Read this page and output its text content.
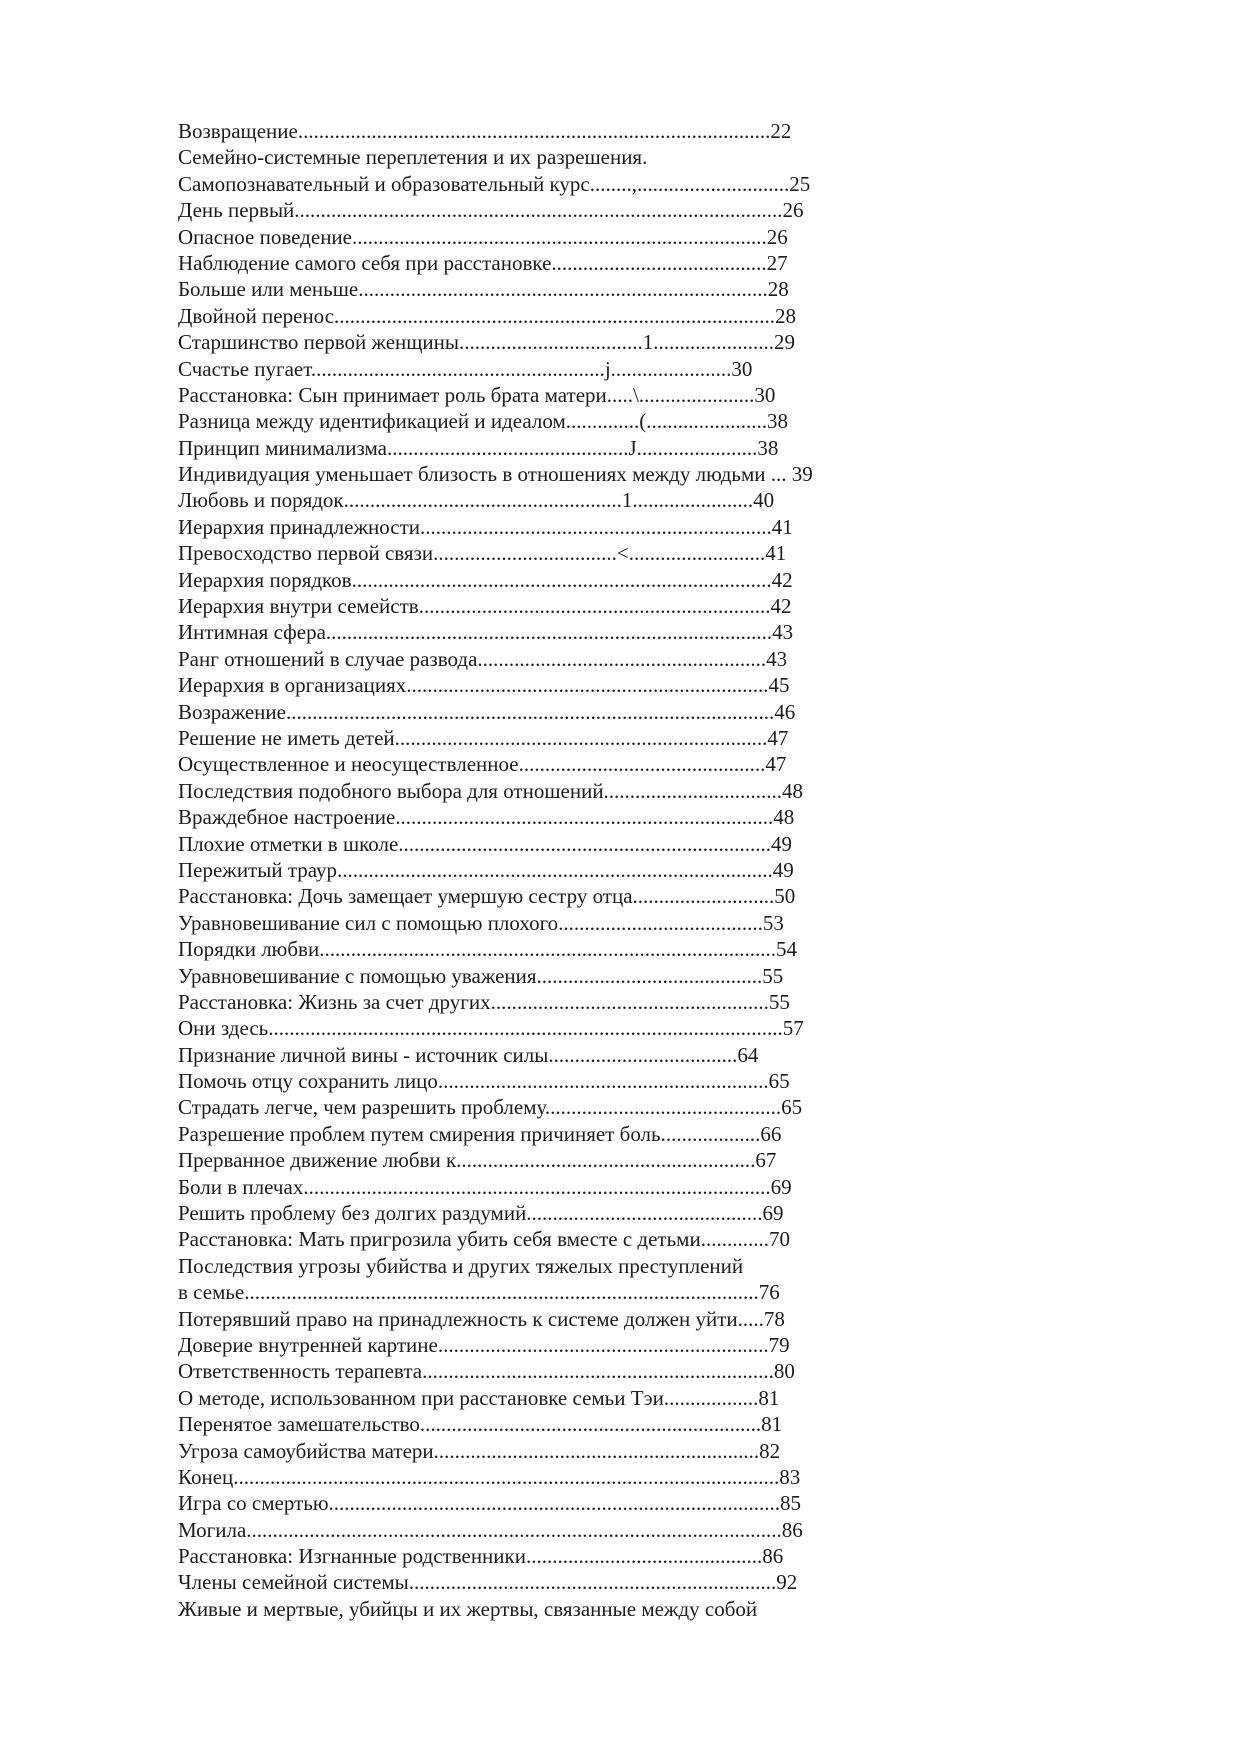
Возвращение..........................................................................................22
Семейно-системные переплетения и их разрешения.
Самопознавательный и образовательный курс........,.............................25
День первый.............................................................................................26
Опасное поведение...............................................................................26
Наблюдение самого себя при расстановке.........................................27
Больше или меньше..............................................................................28
Двойной перенос....................................................................................28
Старшинство первой женщины...................................1.......................29
Счастье пугает........................................................j.......................30
Расстановка: Сын принимает роль брата матери.....\......................30
Разница между идентификацией и идеалом..............(.......................38
Принцип минимализма..............................................J.......................38
Индивидуация уменьшает близость в отношениях между людьми ... 39
Любовь и порядок.....................................................1.......................40
Иерархия принадлежности...................................................................41
Превосходство первой связи...................................<..........................41
Иерархия порядков................................................................................42
Иерархия внутри семейств...................................................................42
Интимная сфера.....................................................................................43
Ранг отношений в случае развода.......................................................43
Иерархия в организациях.....................................................................45
Возражение.............................................................................................46
Решение не иметь детей.......................................................................47
Осуществленное и неосуществленное...............................................47
Последствия подобного выбора для отношений..................................48
Враждебное настроение........................................................................48
Плохие отметки в школе.......................................................................49
Пережитый траур...................................................................................49
Расстановка: Дочь замещает умершую сестру отца...........................50
Уравновешивание сил с помощью плохого.......................................53
Порядки любви.......................................................................................54
Уравновешивание с помощью уважения...........................................55
Расстановка: Жизнь за счет других.....................................................55
Они здесь..................................................................................................57
Признание личной вины - источник силы....................................64
Помочь отцу сохранить лицо...............................................................65
Страдать легче, чем разрешить проблему.............................................65
Разрешение проблем путем смирения причиняет боль...................66
Прерванное движение любви к.........................................................67
Боли в плечах.........................................................................................69
Решить проблему без долгих раздумий.............................................69
Расстановка: Мать пригрозила убить себя вместе с детьми.............70
Последствия угрозы убийства и других тяжелых преступлений
в семье..................................................................................................76
Потерявший право на принадлежность к системе должен уйти.....78
Доверие внутренней картине...............................................................79
Ответственность терапевта...................................................................80
О методе, использованном при расстановке семьи Тэи..................81
Перенятое замешательство.................................................................81
Угроза самоубийства матери..............................................................82
Конец........................................................................................................83
Игра со смертью......................................................................................85
Могила......................................................................................................86
Расстановка: Изгнанные родственники.............................................86
Члены семейной системы......................................................................92
Живые и мертвые, убийцы и их жертвы, связанные между собой
